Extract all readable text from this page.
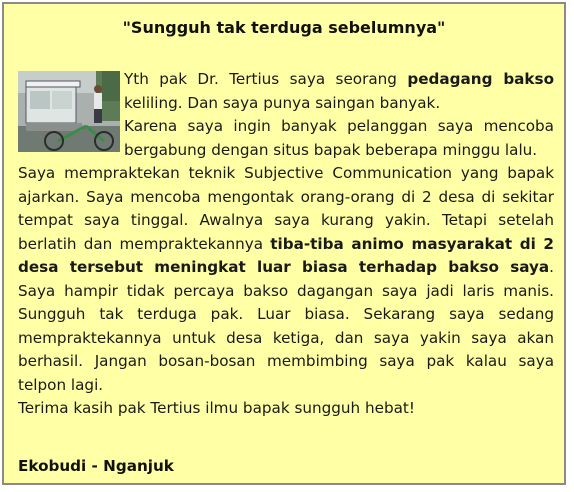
"Sungguh tak terduga sebelumnya"

Yth pak Dr. Tertius saya seorang pedagang bakso keliling. Dan saya punya saingan banyak.

Karena saya ingin banyak pelanggan saya mencoba bergabung dengan situs bapak beberapa minggu lalu.

Saya mempraktekan teknik Subjective Communication yang bapak ajarkan. Saya mencoba mengontak orang-orang di 2 desa di sekitar tempat saya tinggal. Awalnya saya kurang yakin. Tetapi setelah berlatih dan mempraktekannya tiba-tiba animo masyarakat di 2 desa tersebut meningkat luar biasa terhadap bakso saya. Saya hampir tidak percaya bakso dagangan saya jadi laris manis. Sungguh tak terduga pak. Luar biasa. Sekarang saya sedang mempraktekannya untuk desa ketiga, dan saya yakin saya akan berhasil. Jangan bosan-bosan membimbing saya pak kalau saya telpon lagi.

Terima kasih pak Tertius ilmu bapak sungguh hebat!

Ekobudi - Nganjuk
